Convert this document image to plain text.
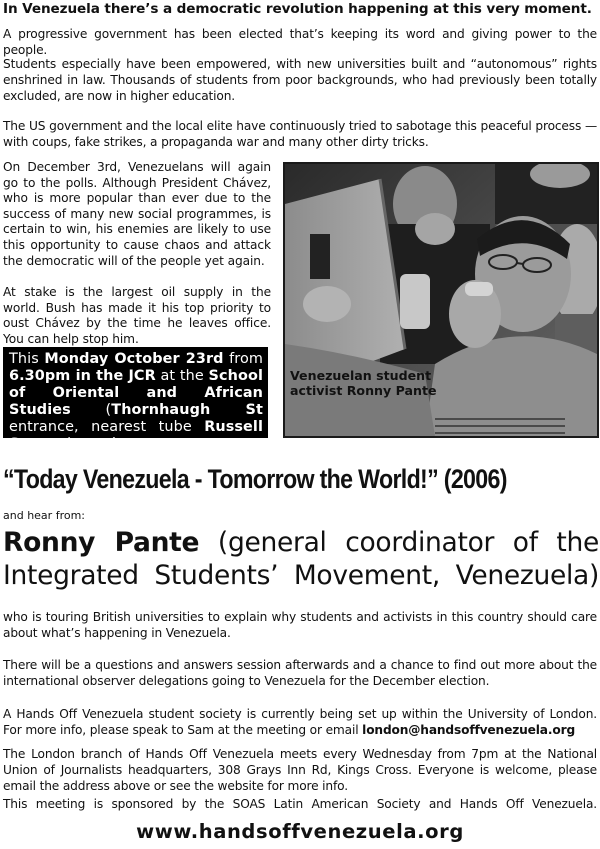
In Venezuela there’s a democratic revolution happening at this very moment.

A progressive government has been elected that’s keeping its word and giving power to the people.

Students especially have been empowered, with new universities built and “autonomous” rights enshrined in law. Thousands of students from poor backgrounds, who had previously been totally excluded, are now in higher education.

The US government and the local elite have continuously tried to sabotage this peaceful process — with coups, fake strikes, a propaganda war and many other dirty tricks.

On December 3rd, Venezuelans will again go to the polls. Although President Chávez, who is more popular than ever due to the success of many new social programmes, is certain to win, his enemies are likely to use this opportunity to cause chaos and attack the democratic will of the people yet again.

At stake is the largest oil supply in the world. Bush has made it his top priority to oust Chávez by the time he leaves office. You can help stop him.

This Monday October 23rd from 6.30pm in the JCR at the School of Oriental and African Studies (Thornhaugh St entrance, nearest tube Russell Square) watch:
Venezuelan student
activist Ronny Pante
“Today Venezuela - Tomorrow the World!” (2006)
and hear from:
Ronny Pante (general coordinator of the
Integrated Students’ Movement, Venezuela)

who is touring British universities to explain why students and activists in this country should care about what’s happening in Venezuela.

There will be a questions and answers session afterwards and a chance to find out more about the international observer delegations going to Venezuela for the December election.

A Hands Off Venezuela student society is currently being set up within the University of London. For more info, please speak to Sam at the meeting or email london@handsoffvenezuela.org

The London branch of Hands Off Venezuela meets every Wednesday from 7pm at the National Union of Journalists headquarters, 308 Grays Inn Rd, Kings Cross. Everyone is welcome, please email the address above or see the website for more info.

This meeting is sponsored by the SOAS Latin American Society and Hands Off Venezuela.

www.handsoffvenezuela.org
